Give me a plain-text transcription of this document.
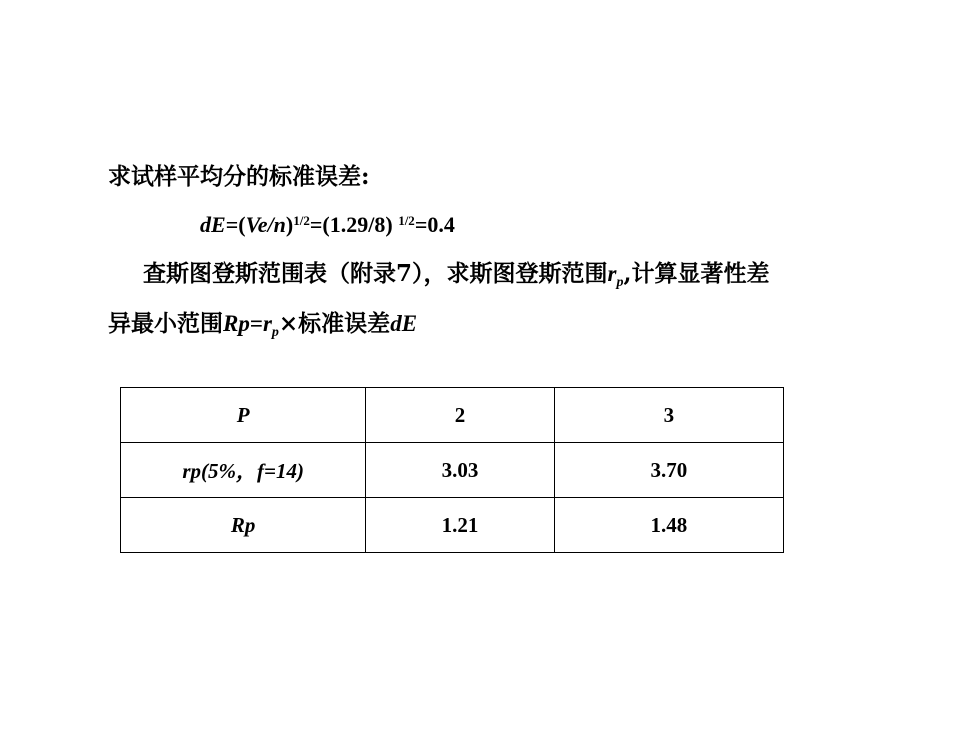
求试样平均分的标准误差:
$dE=(Ve/n)^{1/2}=(1.29/8)$ $^{1/2}$=0.4
查斯图登斯范围表（附录7），求斯图登斯范围$r_p$,计算显著性差
异最小范围$Rp=r_p\times$标准误差dE
P	2	3
rp(5%，f=14)	3.03	3.70
Rp	1.21	1.48
